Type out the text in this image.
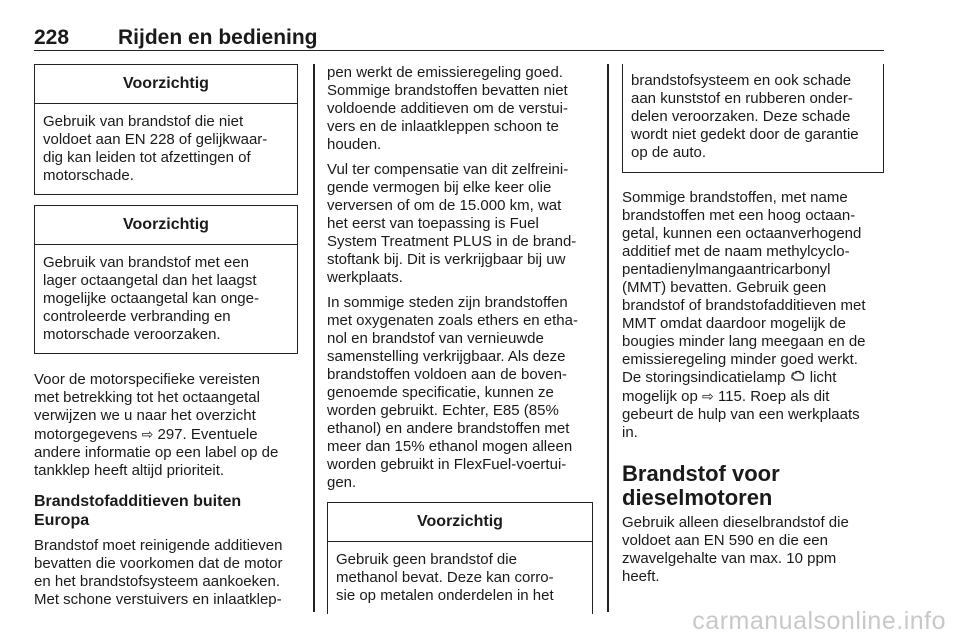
228 Rijden en bediening
Voorzichtig
Gebruik van brandstof die niet
voldoet aan EN 228 of gelijkwaar-
dig kan leiden tot afzettingen of
motorschade.
Voorzichtig
Gebruik van brandstof met een
lager octaangetal dan het laagst
mogelijke octaangetal kan onge-
controleerde verbranding en
motorschade veroorzaken.

Voor de motorspecifieke vereisten

met betrekking tot het octaangetal

verwijzen we u naar het overzicht

motorgegevens ⇨ 297. Eventuele

andere informatie op een label op de

tankklep heeft altijd prioriteit.

Brandstofadditieven buiten
Europa

Brandstof moet reinigende additieven

bevatten die voorkomen dat de motor

en het brandstofsysteem aankoeken.

Met schone verstuivers en inlaatklep-

pen werkt de emissieregeling goed.

Sommige brandstoffen bevatten niet

voldoende additieven om de verstui-

vers en de inlaatkleppen schoon te

houden.

Vul ter compensatie van dit zelfreini-

gende vermogen bij elke keer olie

verversen of om de 15.000 km, wat

het eerst van toepassing is Fuel

System Treatment PLUS in de brand-

stoftank bij. Dit is verkrijgbaar bij uw

werkplaats.

In sommige steden zijn brandstoffen

met oxygenaten zoals ethers en etha-

nol en brandstof van vernieuwde

samenstelling verkrijgbaar. Als deze

brandstoffen voldoen aan de boven-

genoemde specificatie, kunnen ze

worden gebruikt. Echter, E85 (85%

ethanol) en andere brandstoffen met

meer dan 15% ethanol mogen alleen

worden gebruikt in FlexFuel-voertui-

gen.

Voorzichtig
Gebruik geen brandstof die
methanol bevat. Deze kan corro-
sie op metalen onderdelen in het
brandstofsysteem en ook schade
aan kunststof en rubberen onder-
delen veroorzaken. Deze schade
wordt niet gedekt door de garantie
op de auto.

Sommige brandstoffen, met name

brandstoffen met een hoog octaan-

getal, kunnen een octaanverhogend

additief met de naam methylcyclo-

pentadienylmangaantricarbonyl

(MMT) bevatten. Gebruik geen

brandstof of brandstofadditieven met

MMT omdat daardoor mogelijk de

bougies minder lang meegaan en de

emissieregeling minder goed werkt.

De storingsindicatielamp licht

mogelijk op ⇨ 115. Roep als dit

gebeurt de hulp van een werkplaats

in.

Brandstof voor
dieselmotoren

Gebruik alleen dieselbrandstof die

voldoet aan EN 590 en die een

zwavelgehalte van max. 10 ppm

heeft.

carmanualsonline.info
